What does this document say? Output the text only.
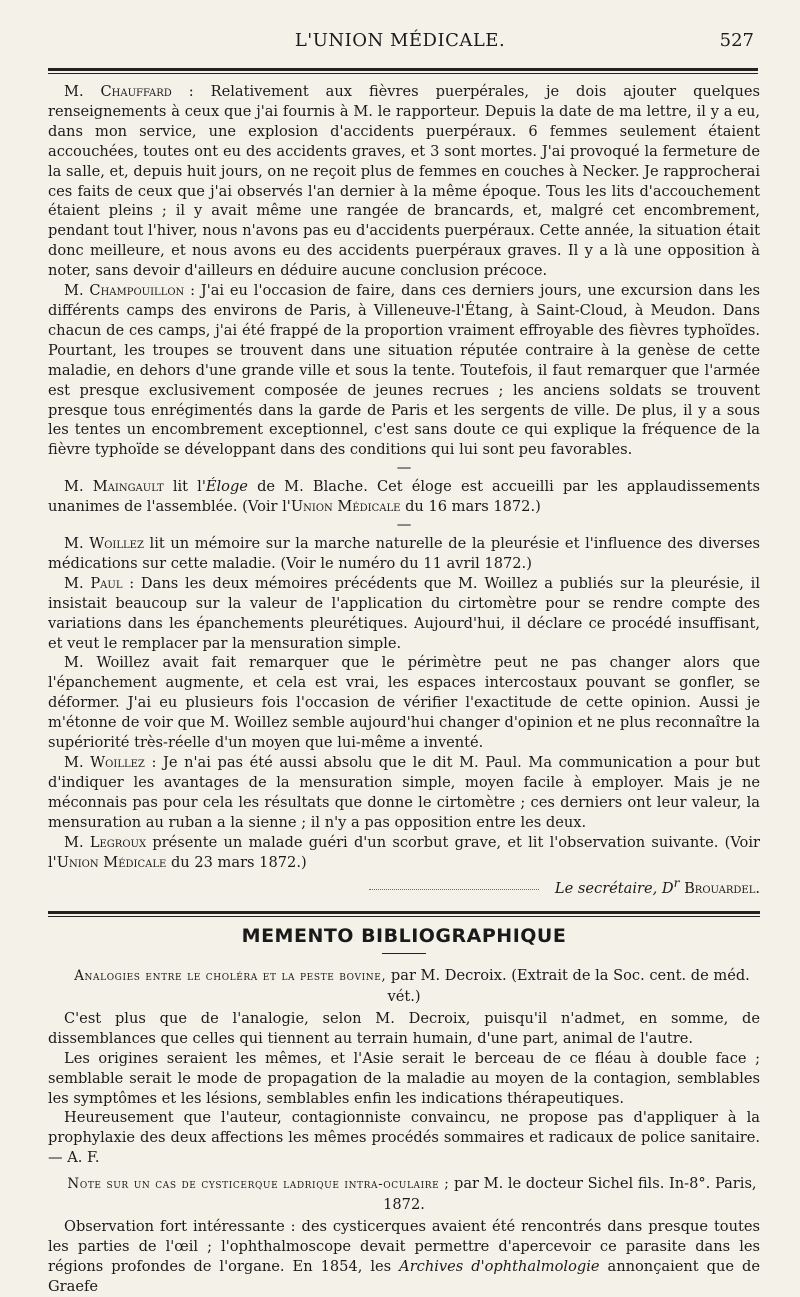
L'UNION MÉDICALE.	527

M. Chauffard : Relativement aux fièvres puerpérales, je dois ajouter quelques renseignements à ceux que j'ai fournis à M. le rapporteur. Depuis la date de ma lettre, il y a eu, dans mon service, une explosion d'accidents puerpéraux. 6 femmes seulement étaient accouchées, toutes ont eu des accidents graves, et 3 sont mortes. J'ai provoqué la fermeture de la salle, et, depuis huit jours, on ne reçoit plus de femmes en couches à Necker. Je rapprocherai ces faits de ceux que j'ai observés l'an dernier à la même époque. Tous les lits d'accouchement étaient pleins ; il y avait même une rangée de brancards, et, malgré cet encombrement, pendant tout l'hiver, nous n'avons pas eu d'accidents puerpéraux. Cette année, la situation était donc meilleure, et nous avons eu des accidents puerpéraux graves. Il y a là une opposition à noter, sans devoir d'ailleurs en déduire aucune conclusion précoce.

M. Champouillon : J'ai eu l'occasion de faire, dans ces derniers jours, une excursion dans les différents camps des environs de Paris, à Villeneuve-l'Étang, à Saint-Cloud, à Meudon. Dans chacun de ces camps, j'ai été frappé de la proportion vraiment effroyable des fièvres typhoïdes. Pourtant, les troupes se trouvent dans une situation réputée contraire à la genèse de cette maladie, en dehors d'une grande ville et sous la tente. Toutefois, il faut remarquer que l'armée est presque exclusivement composée de jeunes recrues ; les anciens soldats se trouvent presque tous enrégimentés dans la garde de Paris et les sergents de ville. De plus, il y a sous les tentes un encombrement exceptionnel, c'est sans doute ce qui explique la fréquence de la fièvre typhoïde se développant dans des conditions qui lui sont peu favorables.

—

M. Maingault lit l'Éloge de M. Blache. Cet éloge est accueilli par les applaudissements unanimes de l'assemblée. (Voir l'Union Médicale du 16 mars 1872.)

—

M. Woillez lit un mémoire sur la marche naturelle de la pleurésie et l'influence des diverses médications sur cette maladie. (Voir le numéro du 11 avril 1872.)

M. Paul : Dans les deux mémoires précédents que M. Woillez a publiés sur la pleurésie, il insistait beaucoup sur la valeur de l'application du cirtomètre pour se rendre compte des variations dans les épanchements pleurétiques. Aujourd'hui, il déclare ce procédé insuffisant, et veut le remplacer par la mensuration simple.

M. Woillez avait fait remarquer que le périmètre peut ne pas changer alors que l'épanchement augmente, et cela est vrai, les espaces intercostaux pouvant se gonfler, se déformer. J'ai eu plusieurs fois l'occasion de vérifier l'exactitude de cette opinion. Aussi je m'étonne de voir que M. Woillez semble aujourd'hui changer d'opinion et ne plus reconnaître la supériorité très-réelle d'un moyen que lui-même a inventé.

M. Woillez : Je n'ai pas été aussi absolu que le dit M. Paul. Ma communication a pour but d'indiquer les avantages de la mensuration simple, moyen facile à employer. Mais je ne méconnais pas pour cela les résultats que donne le cirtomètre ; ces derniers ont leur valeur, la mensuration au ruban a la sienne ; il n'y a pas opposition entre les deux.

M. Legroux présente un malade guéri d'un scorbut grave, et lit l'observation suivante. (Voir l'Union Médicale du 23 mars 1872.)

Le secrétaire, $D^r$ Brouardel.
MEMENTO BIBLIOGRAPHIQUE

Analogies entre le choléra et la peste bovine, par M. Decroix. (Extrait de la Soc. cent. de méd. vét.)

C'est plus que de l'analogie, selon M. Decroix, puisqu'il n'admet, en somme, de dissemblances que celles qui tiennent au terrain humain, d'une part, animal de l'autre.

Les origines seraient les mêmes, et l'Asie serait le berceau de ce fléau à double face ; semblable serait le mode de propagation de la maladie au moyen de la contagion, semblables les symptômes et les lésions, semblables enfin les indications thérapeutiques.

Heureusement que l'auteur, contagionniste convaincu, ne propose pas d'appliquer à la prophylaxie des deux affections les mêmes procédés sommaires et radicaux de police sanitaire. — A. F.

Note sur un cas de cysticerque ladrique intra-oculaire ; par M. le docteur Sichel fils. In-8°. Paris, 1872.

Observation fort intéressante : des cysticerques avaient été rencontrés dans presque toutes les parties de l'œil ; l'ophthalmoscope devait permettre d'apercevoir ce parasite dans les régions profondes de l'organe. En 1854, les Archives d'ophthalmologie annonçaient que de Graefe
